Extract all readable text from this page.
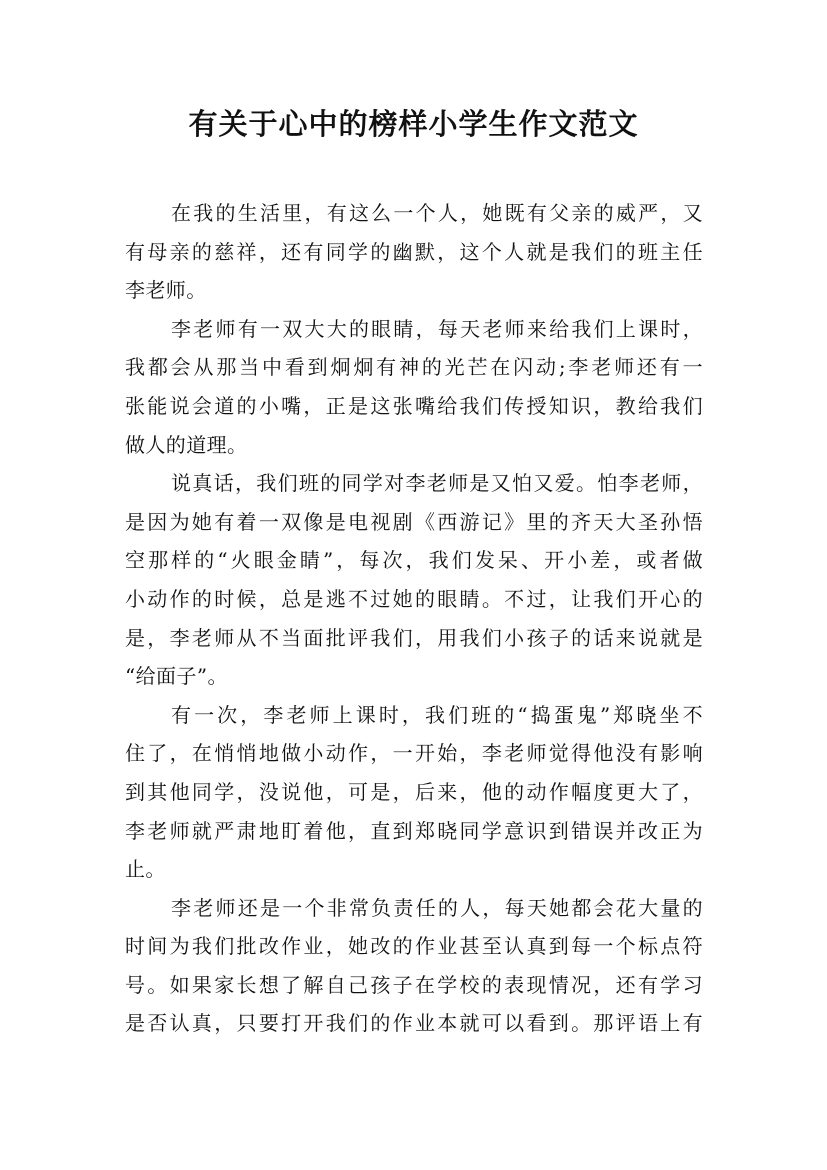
有关于心中的榜样小学生作文范文
在我的生活里，有这么一个人，她既有父亲的威严，又
有母亲的慈祥，还有同学的幽默，这个人就是我们的班主任
李老师。
李老师有一双大大的眼睛，每天老师来给我们上课时，
我都会从那当中看到炯炯有神的光芒在闪动;李老师还有一
张能说会道的小嘴，正是这张嘴给我们传授知识，教给我们
做人的道理。
说真话，我们班的同学对李老师是又怕又爱。怕李老师，
是因为她有着一双像是电视剧《西游记》里的齐天大圣孙悟
空那样的“火眼金睛”，每次，我们发呆、开小差，或者做
小动作的时候，总是逃不过她的眼睛。不过，让我们开心的
是，李老师从不当面批评我们，用我们小孩子的话来说就是
“给面子”。
有一次，李老师上课时，我们班的“捣蛋鬼”郑晓坐不
住了，在悄悄地做小动作，一开始，李老师觉得他没有影响
到其他同学，没说他，可是，后来，他的动作幅度更大了，
李老师就严肃地盯着他，直到郑晓同学意识到错误并改正为
止。
李老师还是一个非常负责任的人，每天她都会花大量的
时间为我们批改作业，她改的作业甚至认真到每一个标点符
号。如果家长想了解自己孩子在学校的表现情况，还有学习
是否认真，只要打开我们的作业本就可以看到。那评语上有
